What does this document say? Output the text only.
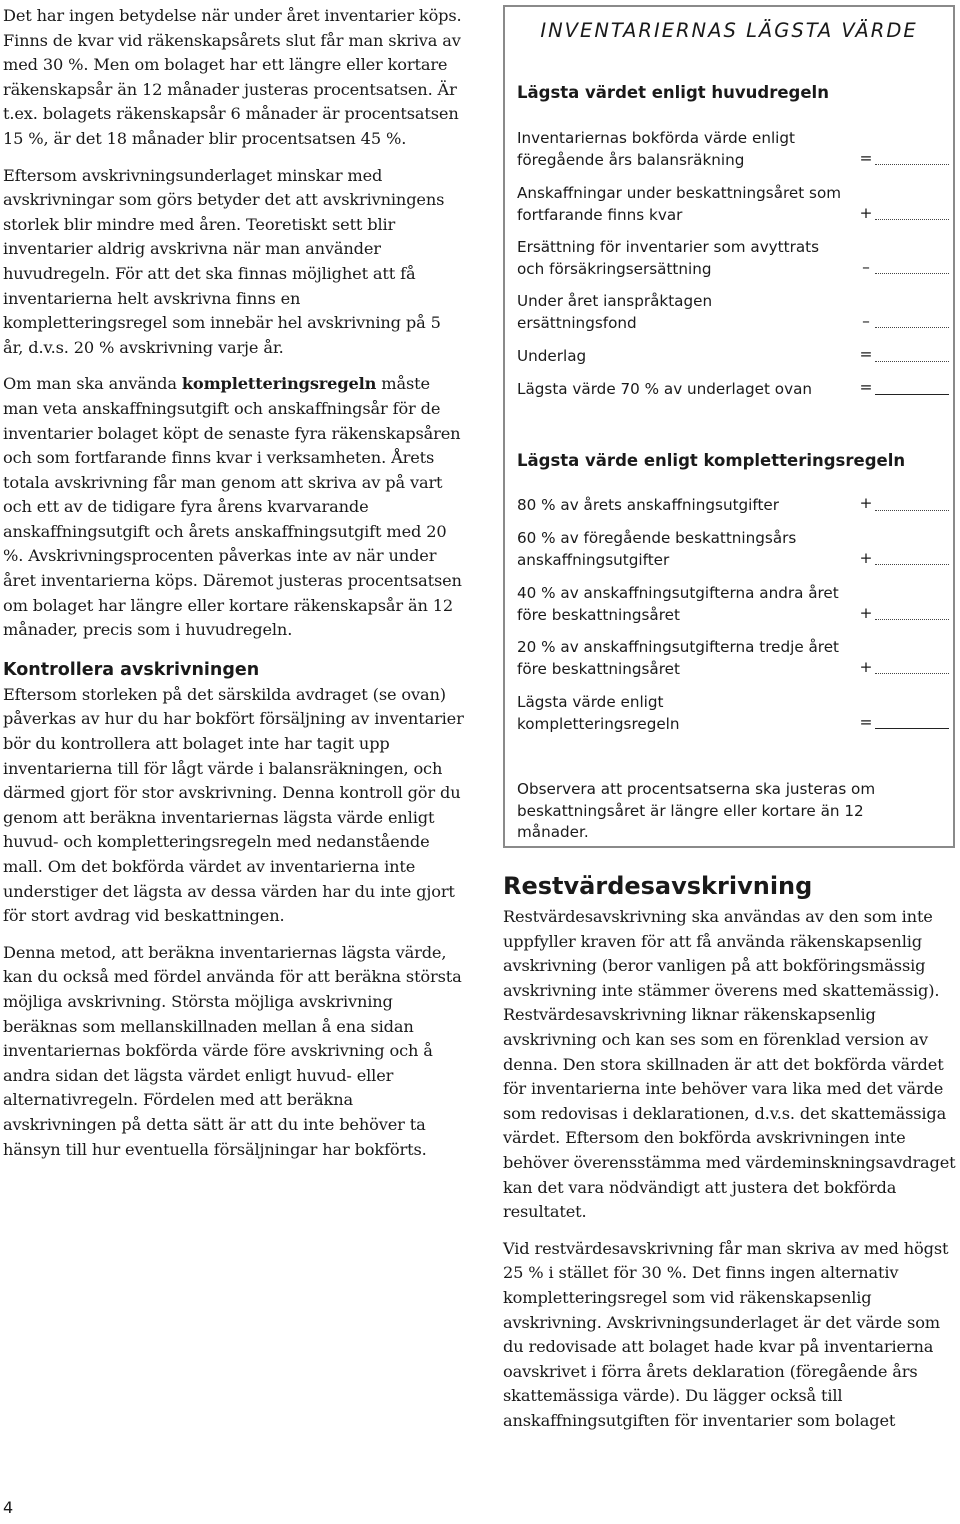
Det har ingen betydelse när under året inventarier köps. Finns de kvar vid räkenskapsårets slut får man skriva av med 30 %. Men om bolaget har ett längre eller kortare räkenskapsår än 12 månader justeras procentsatsen. Är t.ex. bolagets räkenskapsår 6 månader är procentsatsen 15 %, är det 18 månader blir procentsatsen 45 %.

Eftersom avskrivningsunderlaget minskar med avskrivningar som görs betyder det att avskrivningens storlek blir mindre med åren. Teoretiskt sett blir inventarier aldrig avskrivna när man använder huvudregeln. För att det ska finnas möjlighet att få inventarierna helt avskrivna finns en kompletteringsregel som innebär hel avskrivning på 5 år, d.v.s. 20 % avskrivning varje år.

Om man ska använda kompletteringsregeln måste man veta anskaffningsutgift och anskaffningsår för de inventarier bolaget köpt de senaste fyra räkenskapsåren och som fortfarande finns kvar i verksamheten. Årets totala avskrivning får man genom att skriva av på vart och ett av de tidigare fyra årens kvarvarande anskaffningsutgift och årets anskaffningsutgift med 20 %. Avskrivningsprocenten påverkas inte av när under året inventarierna köps. Däremot justeras procentsatsen om bolaget har längre eller kortare räkenskapsår än 12 månader, precis som i huvudregeln.

Kontrollera avskrivningen

Eftersom storleken på det särskilda avdraget (se ovan) påverkas av hur du har bokfört försäljning av inventarier bör du kontrollera att bolaget inte har tagit upp inventarierna till för lågt värde i balansräkningen, och därmed gjort för stor avskrivning. Denna kontroll gör du genom att beräkna inventariernas lägsta värde enligt huvud- och kompletteringsregeln med nedanstående mall. Om det bokförda värdet av inventarierna inte understiger det lägsta av dessa värden har du inte gjort för stort avdrag vid beskattningen.

Denna metod, att beräkna inventariernas lägsta värde, kan du också med fördel använda för att beräkna största möjliga avskrivning. Största möjliga avskrivning beräknas som mellanskillnaden mellan å ena sidan inventariernas bokförda värde före avskrivning och å andra sidan det lägsta värdet enligt huvud- eller alternativregeln. Fördelen med att beräkna avskrivningen på detta sätt är att du inte behöver ta hänsyn till hur eventuella försäljningar har bokförts.

INVENTARIERNAS LÄGSTA VÄRDE
Lägsta värdet enligt huvudregeln
Inventariernas bokförda värde enligt föregående års balansräkning	=
Anskaffningar under beskattningsåret som fortfarande finns kvar	+
Ersättning för inventarier som avyttrats och försäkringsersättning	–
Under året ianspråktagen ersättningsfond	–
Underlag	=
Lägsta värde 70 % av underlaget ovan	=
Lägsta värde enligt kompletteringsregeln
80 % av årets anskaffningsutgifter	+
60 % av föregående beskattningsårs anskaffningsutgifter	+
40 % av anskaffningsutgifterna andra året före beskattningsåret	+
20 % av anskaffningsutgifterna tredje året före beskattningsåret	+
Lägsta värde enligt kompletteringsregeln	=
Observera att procentsatserna ska justeras om beskattningsåret är längre eller kortare än 12 månader.
Restvärdesavskrivning

Restvärdesavskrivning ska användas av den som inte uppfyller kraven för att få använda räkenskapsenlig avskrivning (beror vanligen på att bokföringsmässig avskrivning inte stämmer överens med skattemässig). Restvärdesavskrivning liknar räkenskapsenlig avskrivning och kan ses som en förenklad version av denna. Den stora skillnaden är att det bokförda värdet för inventarierna inte behöver vara lika med det värde som redovisas i deklarationen, d.v.s. det skattemässiga värdet. Eftersom den bokförda avskrivningen inte behöver överensstämma med värdeminskningsavdraget kan det vara nödvändigt att justera det bokförda resultatet.

Vid restvärdesavskrivning får man skriva av med högst 25 % i stället för 30 %. Det finns ingen alternativ kompletteringsregel som vid räkenskapsenlig avskrivning. Avskrivningsunderlaget är det värde som du redovisade att bolaget hade kvar på inventarierna oavskrivet i förra årets deklaration (föregående års skattemässiga värde). Du lägger också till anskaffningsutgiften för inventarier som bolaget

4
